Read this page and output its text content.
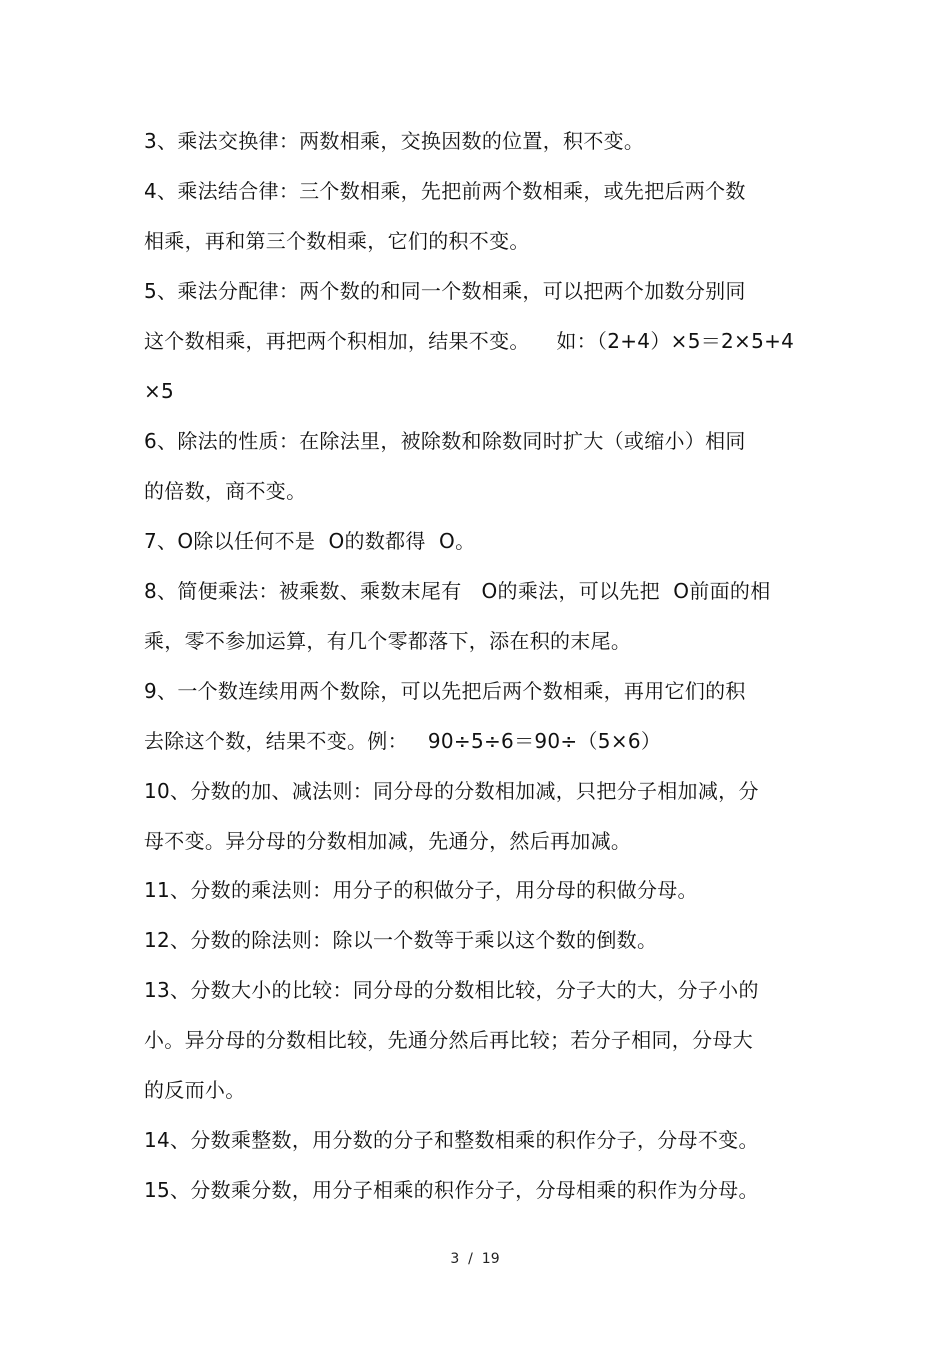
3、乘法交换律：两数相乘，交换因数的位置，积不变。
4、乘法结合律：三个数相乘，先把前两个数相乘，或先把后两个数
相乘，再和第三个数相乘，它们的积不变。
5、乘法分配律：两个数的和同一个数相乘，可以把两个加数分别同
这个数相乘，再把两个积相加，结果不变。    如：（2+4）×5＝2×5+4
×5
6、除法的性质：在除法里，被除数和除数同时扩大（或缩小）相同
的倍数，商不变。
7、O除以任何不是  O的数都得  O。
8、简便乘法：被乘数、乘数末尾有   O的乘法，可以先把  O前面的相
乘，零不参加运算，有几个零都落下，添在积的末尾。
9、一个数连续用两个数除，可以先把后两个数相乘，再用它们的积
去除这个数，结果不变。例：   90÷5÷6＝90÷（5×6）
10、分数的加、减法则：同分母的分数相加减，只把分子相加减，分
母不变。异分母的分数相加减，先通分，然后再加减。
11、分数的乘法则：用分子的积做分子，用分母的积做分母。
12、分数的除法则：除以一个数等于乘以这个数的倒数。
13、分数大小的比较：同分母的分数相比较，分子大的大，分子小的
小。异分母的分数相比较，先通分然后再比较；若分子相同，分母大
的反而小。
14、分数乘整数，用分数的分子和整数相乘的积作分子，分母不变。
15、分数乘分数，用分子相乘的积作分子，分母相乘的积作为分母。
3  /  19
